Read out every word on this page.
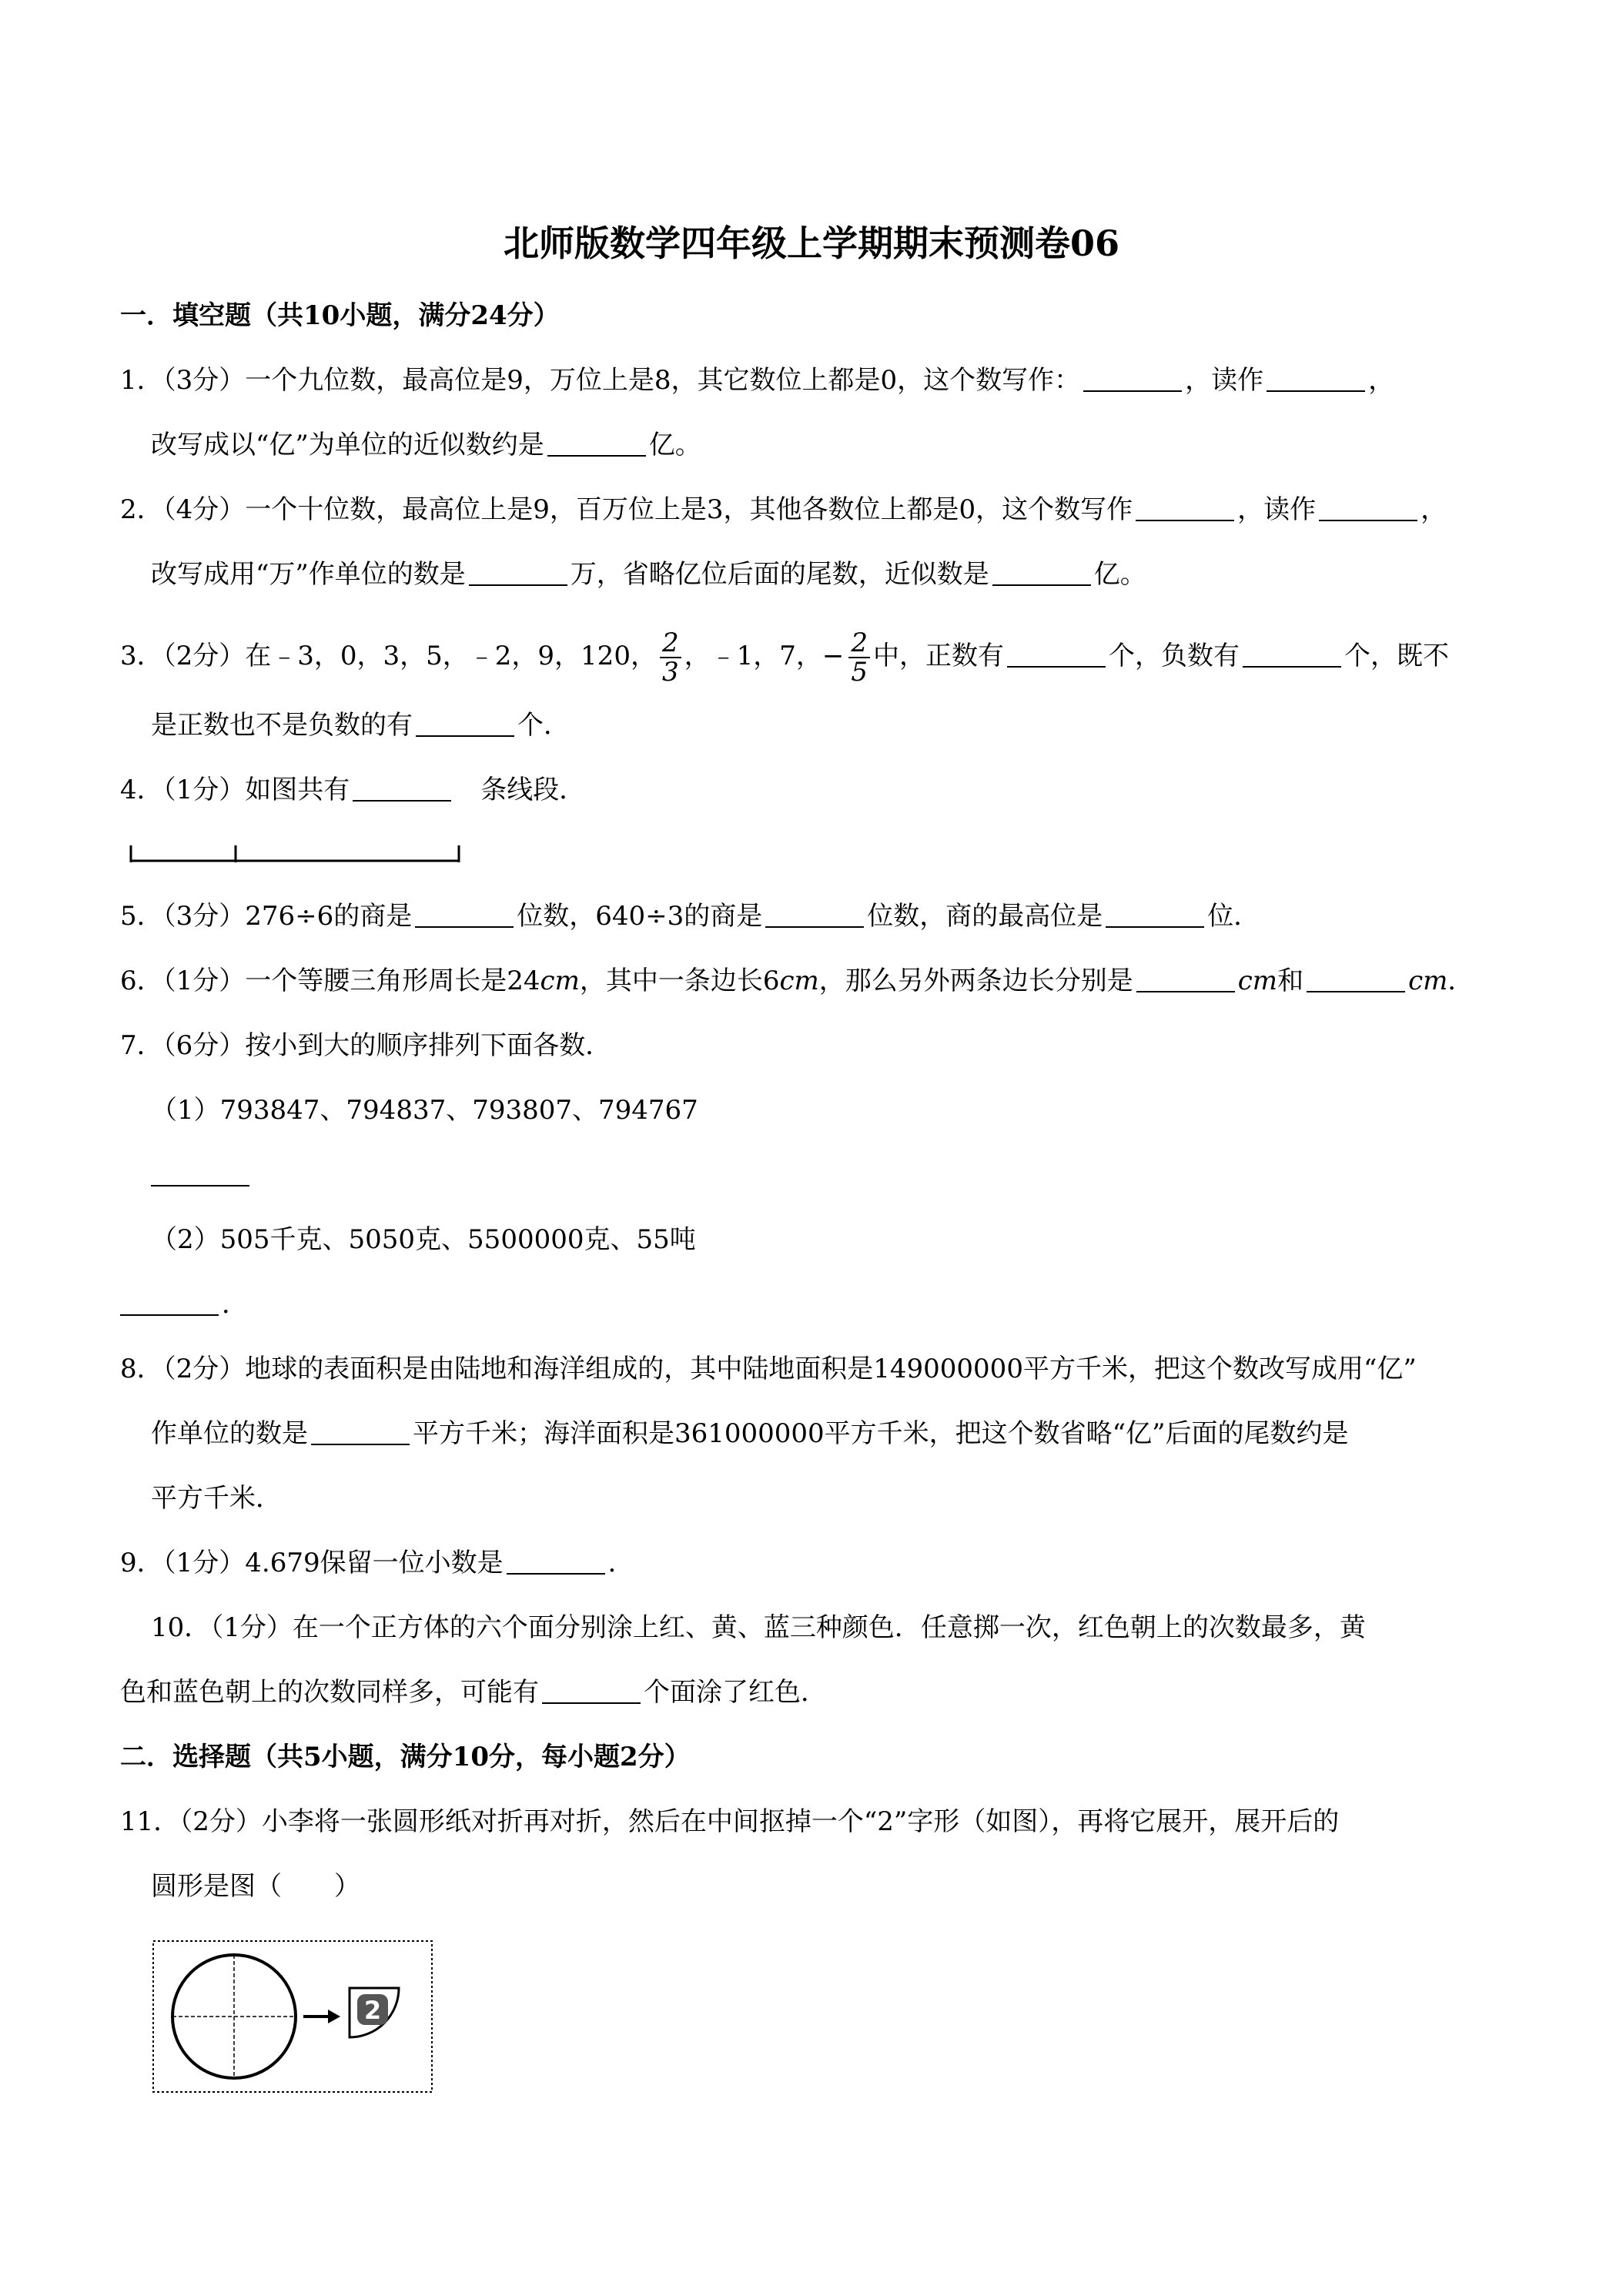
北师版数学四年级上学期期末预测卷06
一．填空题（共10小题，满分24分）
1．（3分）一个九位数，最高位是9，万位上是8，其它数位上都是0，这个数写作：	，读作	，
改写成以“亿”为单位的近似数约是	亿。
2．（4分）一个十位数，最高位上是9，百万位上是3，其他各数位上都是0，这个数写作	，读作	，
改写成用“万”作单位的数是	万，省略亿位后面的尾数，近似数是	亿。
3．（2分）在﹣3，0，3，5，﹣2，9，120， $\frac{2}{3}$ ，﹣1，7，− $\frac{2}{5}$ 中，正数有	个，负数有	个，既不
是正数也不是负数的有	个．
4．（1分）如图共有	条线段．
5．（3分）276÷6的商是	位数，640÷3的商是	位数，商的最高位是	位．
6．（1分）一个等腰三角形周长是24cm，其中一条边长6cm，那么另外两条边长分别是	cm和	cm．
7．（6分）按小到大的顺序排列下面各数．
（1）793847、794837、793807、794767
（2）505千克、5050克、5500000克、55吨
．
8．（2分）地球的表面积是由陆地和海洋组成的，其中陆地面积是149000000平方千米，把这个数改写成用“亿”
作单位的数是	平方千米；海洋面积是361000000平方千米，把这个数省略“亿”后面的尾数约是
平方千米．
9．（1分）4.679保留一位小数是	．
10．（1分）在一个正方体的六个面分别涂上红、黄、蓝三种颜色．任意掷一次，红色朝上的次数最多，黄
色和蓝色朝上的次数同样多，可能有	个面涂了红色．
二．选择题（共5小题，满分10分，每小题2分）
11．（2分）小李将一张圆形纸对折再对折，然后在中间抠掉一个“2”字形（如图），再将它展开，展开后的
圆形是图（　　）
2
